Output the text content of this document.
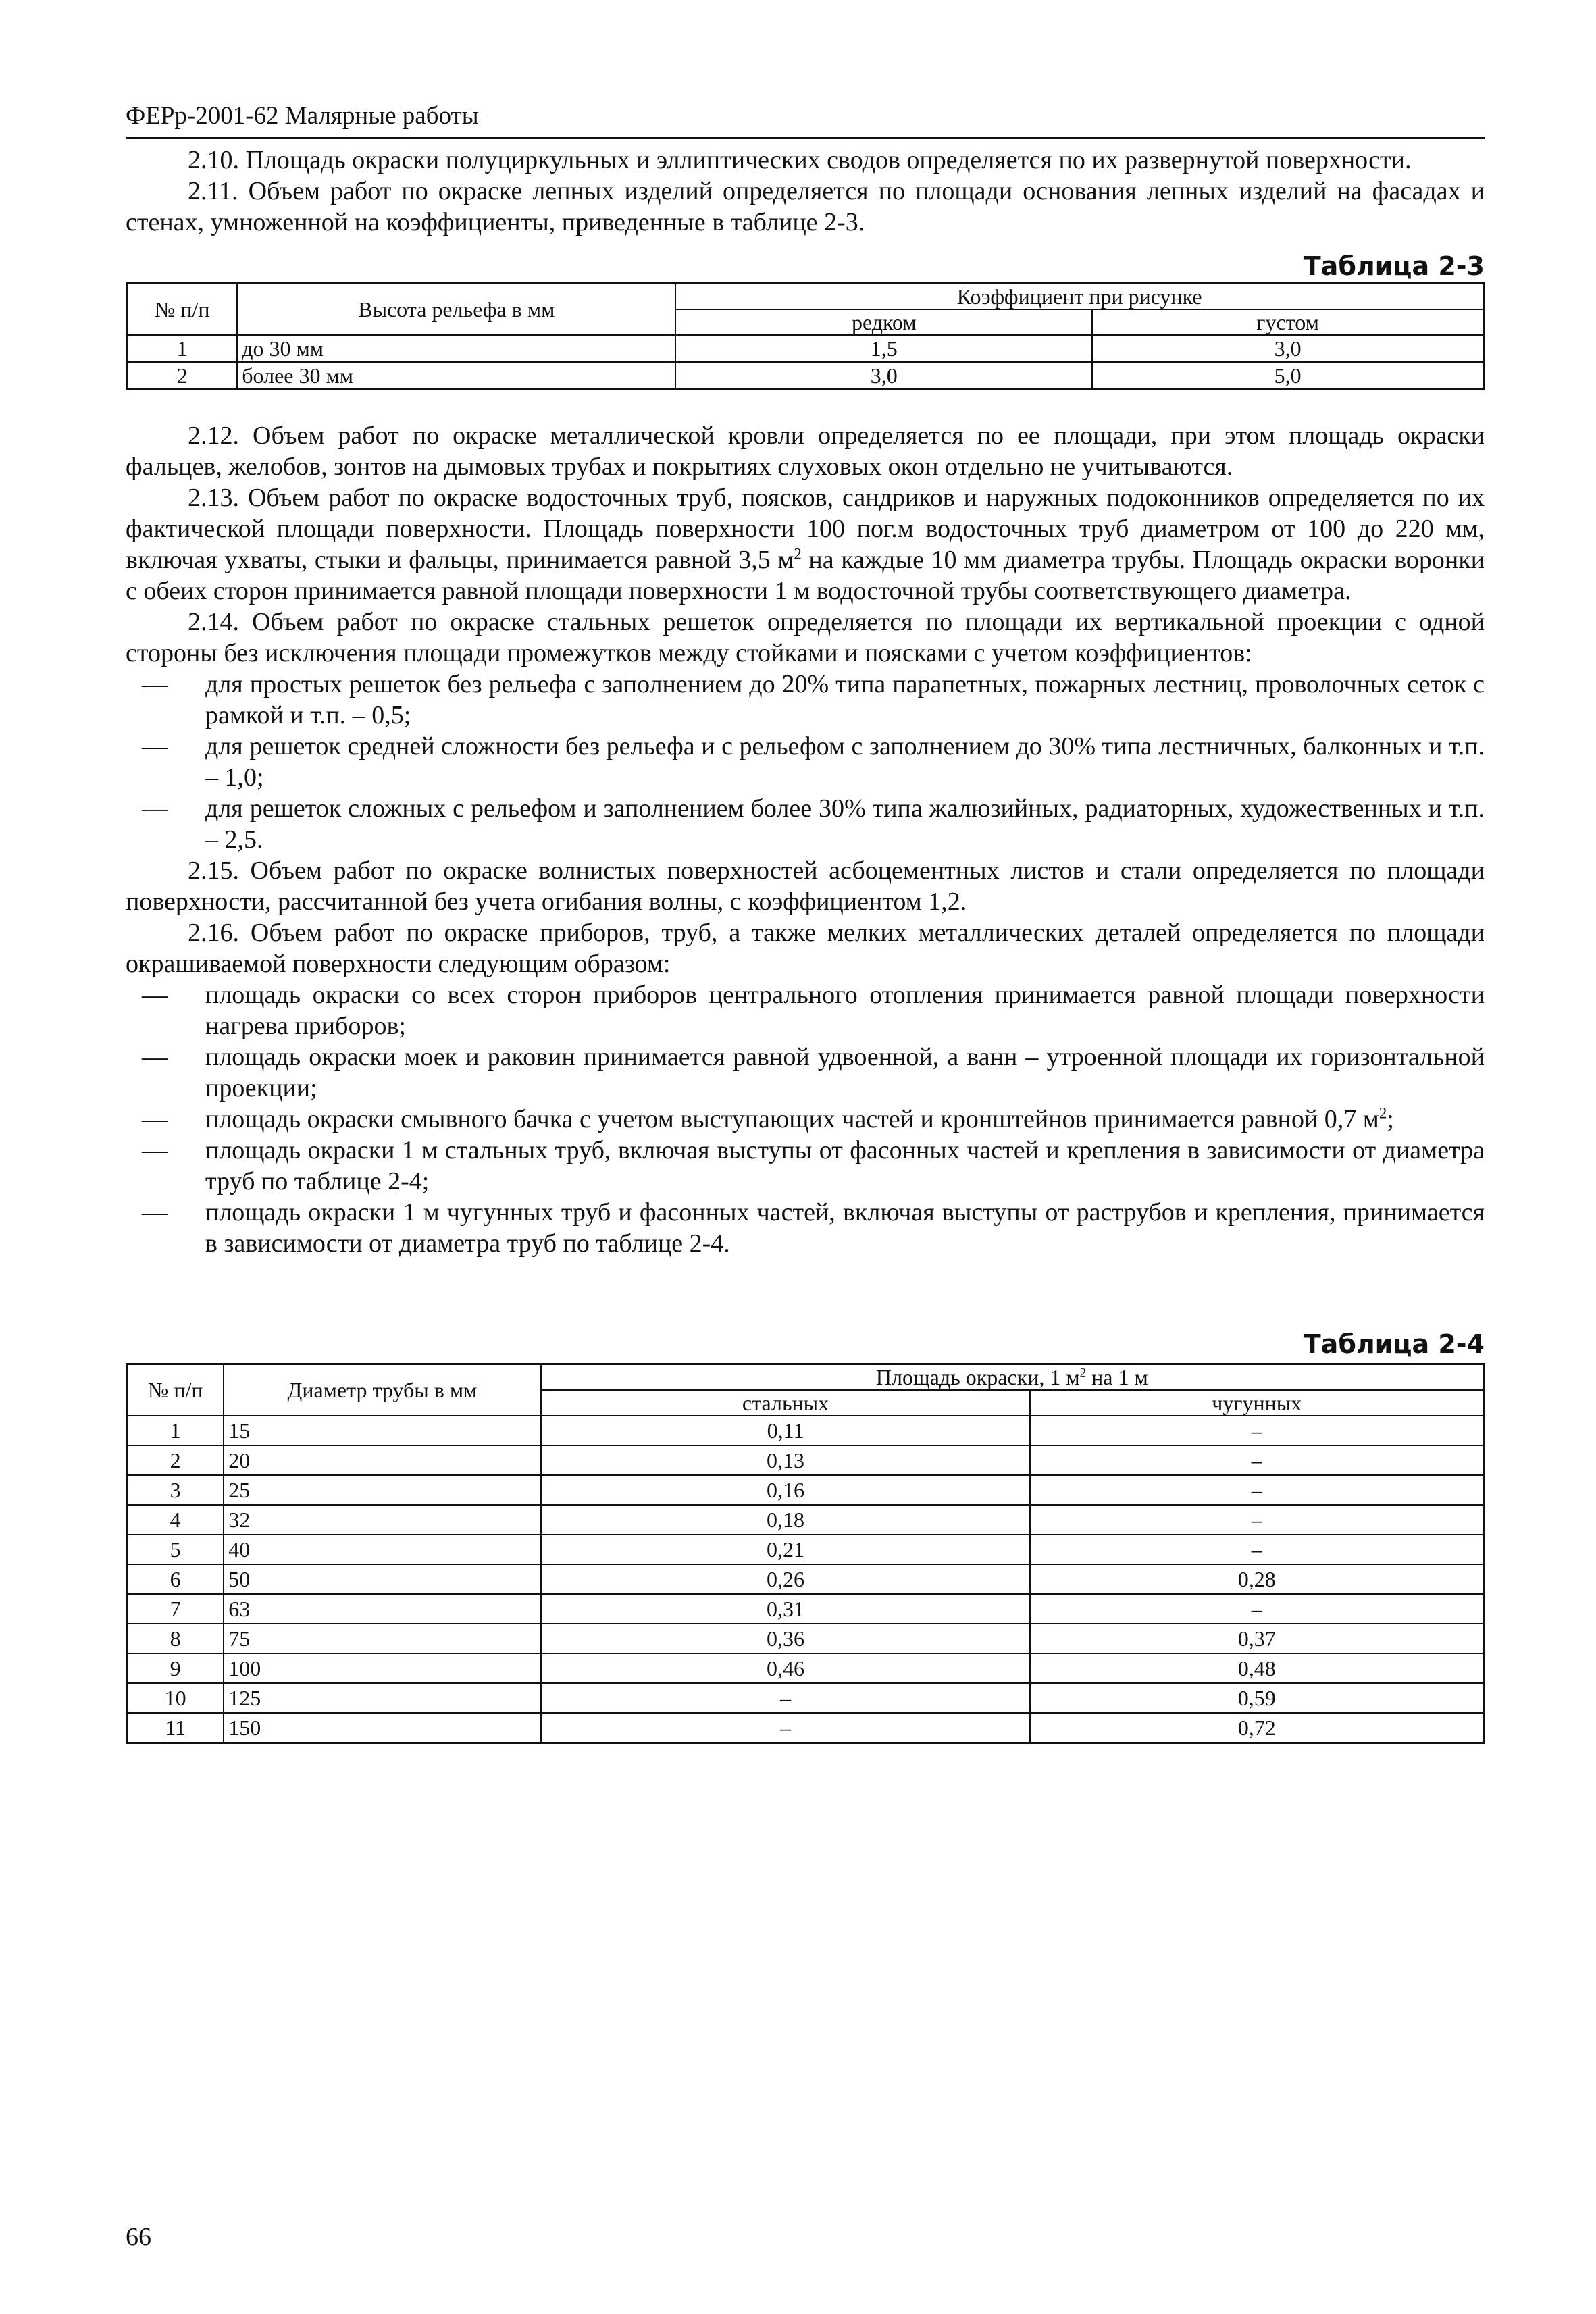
ФЕРр-2001-62 Малярные работы

2.10. Площадь окраски полуциркульных и эллиптических сводов определяется по их развернутой поверхности.

2.11. Объем работ по окраске лепных изделий определяется по площади основания лепных изделий на фасадах и стенах, умноженной на коэффициенты, приведенные в таблице 2-3.

Таблица 2-3
№ п/п	Высота рельефа в мм	Коэффициент при рисунке	
		редком	густом
1	до 30 мм	1,5	3,0
2	более 30 мм	3,0	5,0

2.12. Объем работ по окраске металлической кровли определяется по ее площади, при этом площадь окраски фальцев, желобов, зонтов на дымовых трубах и покрытиях слуховых окон отдельно не учитываются.

2.13. Объем работ по окраске водосточных труб, поясков, сандриков и наружных подоконников определяется по их фактической площади поверхности. Площадь поверхности 100 пог.м водосточных труб диаметром от 100 до 220 мм, включая ухваты, стыки и фальцы, принимается равной 3,5 $м^2$ на каждые 10 мм диаметра трубы. Площадь окраски воронки с обеих сторон принимается равной площади поверхности 1 м водосточной трубы соответствующего диаметра.

2.14. Объем работ по окраске стальных решеток определяется по площади их вертикальной проекции с одной стороны без исключения площади промежутков между стойками и поясками с учетом коэффициентов:

— для простых решеток без рельефа с заполнением до 20% типа парапетных, пожарных лестниц, проволочных сеток с рамкой и т.п. – 0,5;

— для решеток средней сложности без рельефа и с рельефом с заполнением до 30% типа лестничных, балконных и т.п. – 1,0;

— для решеток сложных с рельефом и заполнением более 30% типа жалюзийных, радиаторных, художественных и т.п. – 2,5.

2.15. Объем работ по окраске волнистых поверхностей асбоцементных листов и стали определяется по площади поверхности, рассчитанной без учета огибания волны, с коэффициентом 1,2.

2.16. Объем работ по окраске приборов, труб, а также мелких металлических деталей определяется по площади окрашиваемой поверхности следующим образом:

— площадь окраски со всех сторон приборов центрального отопления принимается равной площади поверхности нагрева приборов;

— площадь окраски моек и раковин принимается равной удвоенной, а ванн – утроенной площади их горизонтальной проекции;

— площадь окраски смывного бачка с учетом выступающих частей и кронштейнов принимается равной 0,7 $м^2$;

— площадь окраски 1 м стальных труб, включая выступы от фасонных частей и крепления в зависимости от диаметра труб по таблице 2-4;

— площадь окраски 1 м чугунных труб и фасонных частей, включая выступы от раструбов и крепления, принимается в зависимости от диаметра труб по таблице 2-4.

Таблица 2-4
№ п/п	Диаметр трубы в мм	Площадь окраски, 1 $м^2$ на 1 м	
		стальных	чугунных
1	15	0,11	–
2	20	0,13	–
3	25	0,16	–
4	32	0,18	–
5	40	0,21	–
6	50	0,26	0,28
7	63	0,31	–
8	75	0,36	0,37
9	100	0,46	0,48
10	125	–	0,59
11	150	–	0,72
66
